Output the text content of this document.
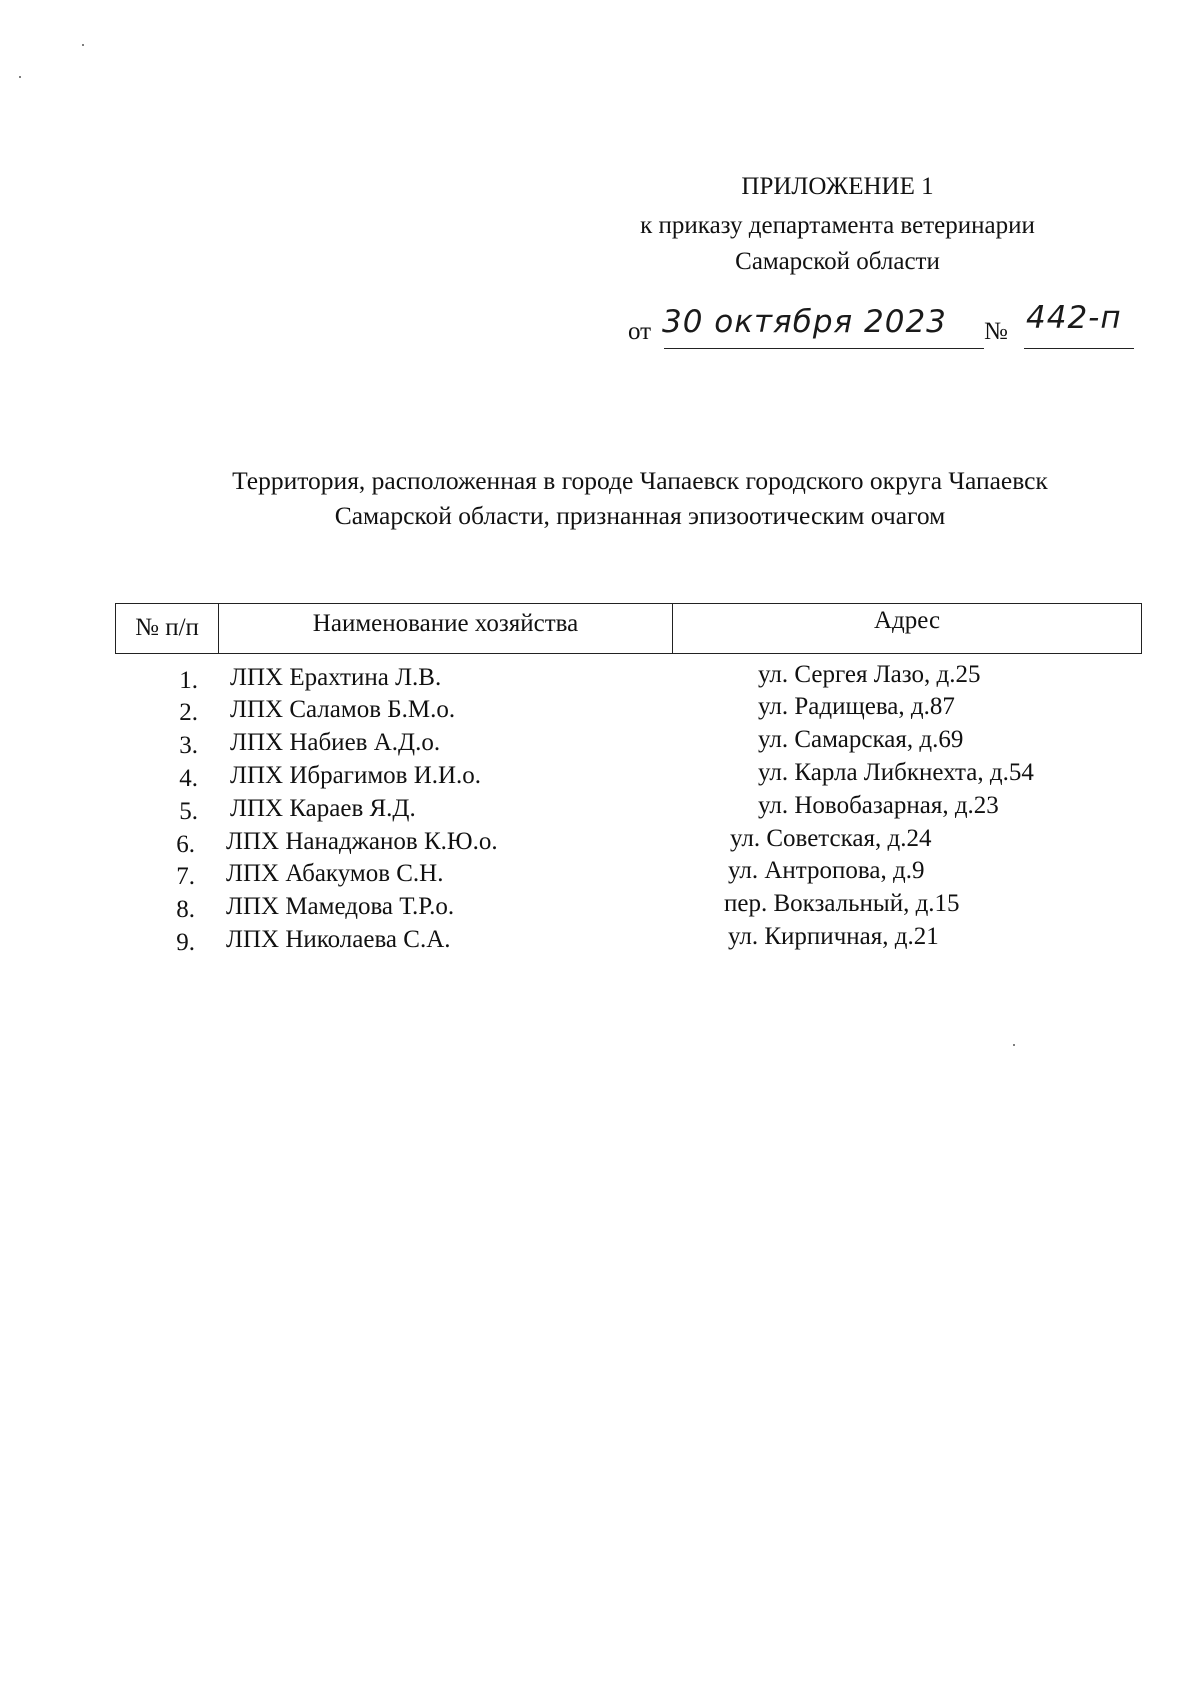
ПРИЛОЖЕНИЕ 1
к приказу департамента ветеринарии
Самарской области
от 30 октября 2023 № 442-п
Территория, расположенная в городе Чапаевск городского округа Чапаевск
Самарской области, признанная эпизоотическим очагом
№ п/п	Наименование хозяйства	Адрес
1. ЛПХ Ерахтина Л.В.	ул. Сергея Лазо, д.25
2. ЛПХ Саламов Б.М.о.	ул. Радищева, д.87
3. ЛПХ Набиев А.Д.о.	ул. Самарская, д.69
4. ЛПХ Ибрагимов И.И.о.	ул. Карла Либкнехта, д.54
5. ЛПХ Караев Я.Д.	ул. Новобазарная, д.23
6. ЛПХ Нанаджанов К.Ю.о.	ул. Советская, д.24
7. ЛПХ Абакумов С.Н.	ул. Антропова, д.9
8. ЛПХ Мамедова Т.Р.о.	пер. Вокзальный, д.15
9. ЛПХ Николаева С.А.	ул. Кирпичная, д.21
